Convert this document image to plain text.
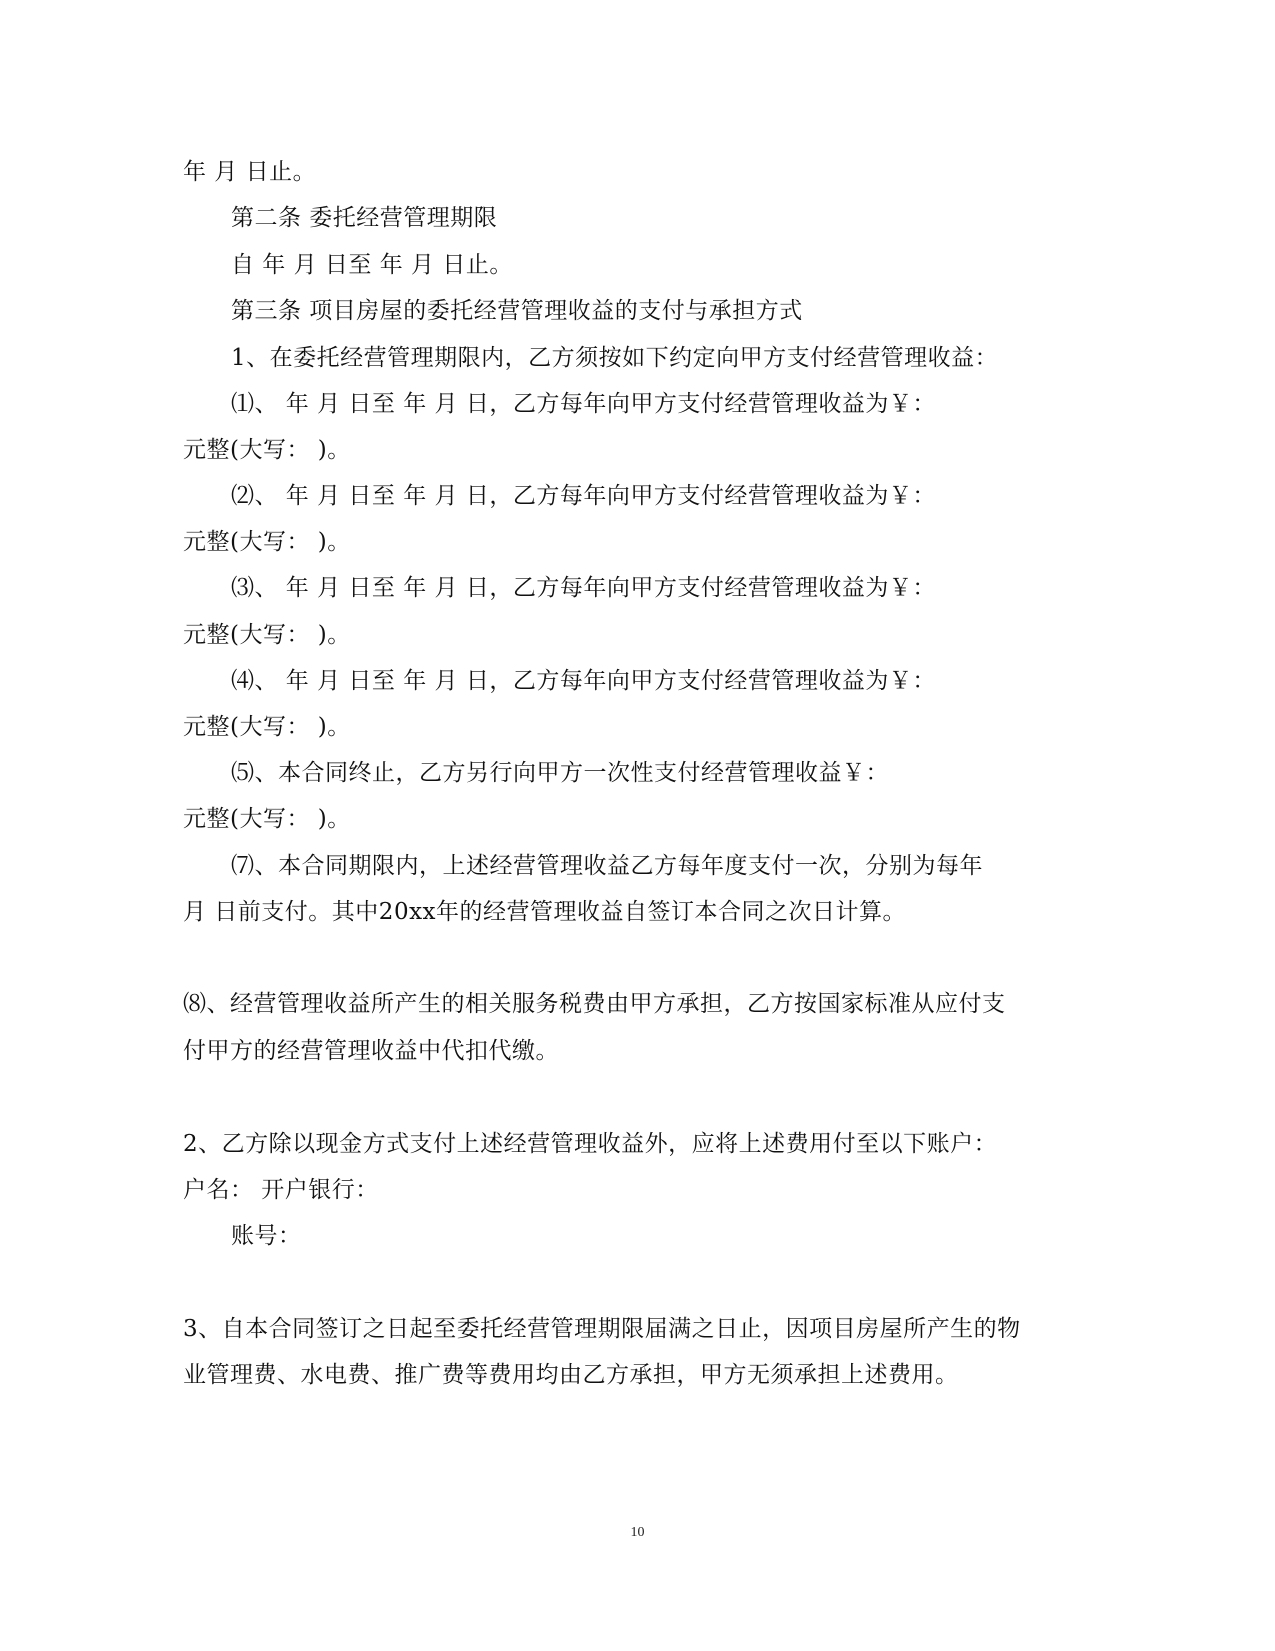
年 月 日止。
第二条 委托经营管理期限
自 年 月 日至 年 月 日止。
第三条 项目房屋的委托经营管理收益的支付与承担方式
1、在委托经营管理期限内，乙方须按如下约定向甲方支付经营管理收益：
⑴、 年 月 日至 年 月 日，乙方每年向甲方支付经营管理收益为￥：
元整(大写： )。
⑵、 年 月 日至 年 月 日，乙方每年向甲方支付经营管理收益为￥：
元整(大写： )。
⑶、 年 月 日至 年 月 日，乙方每年向甲方支付经营管理收益为￥：
元整(大写： )。
⑷、 年 月 日至 年 月 日，乙方每年向甲方支付经营管理收益为￥：
元整(大写： )。
⑸、本合同终止，乙方另行向甲方一次性支付经营管理收益￥：
元整(大写： )。
⑺、本合同期限内，上述经营管理收益乙方每年度支付一次，分别为每年
月 日前支付。其中20xx年的经营管理收益自签订本合同之次日计算。
⑻、经营管理收益所产生的相关服务税费由甲方承担，乙方按国家标准从应付支
付甲方的经营管理收益中代扣代缴。
2、乙方除以现金方式支付上述经营管理收益外，应将上述费用付至以下账户：
户名： 开户银行：
账号：
3、自本合同签订之日起至委托经营管理期限届满之日止，因项目房屋所产生的物
业管理费、水电费、推广费等费用均由乙方承担，甲方无须承担上述费用。
10
